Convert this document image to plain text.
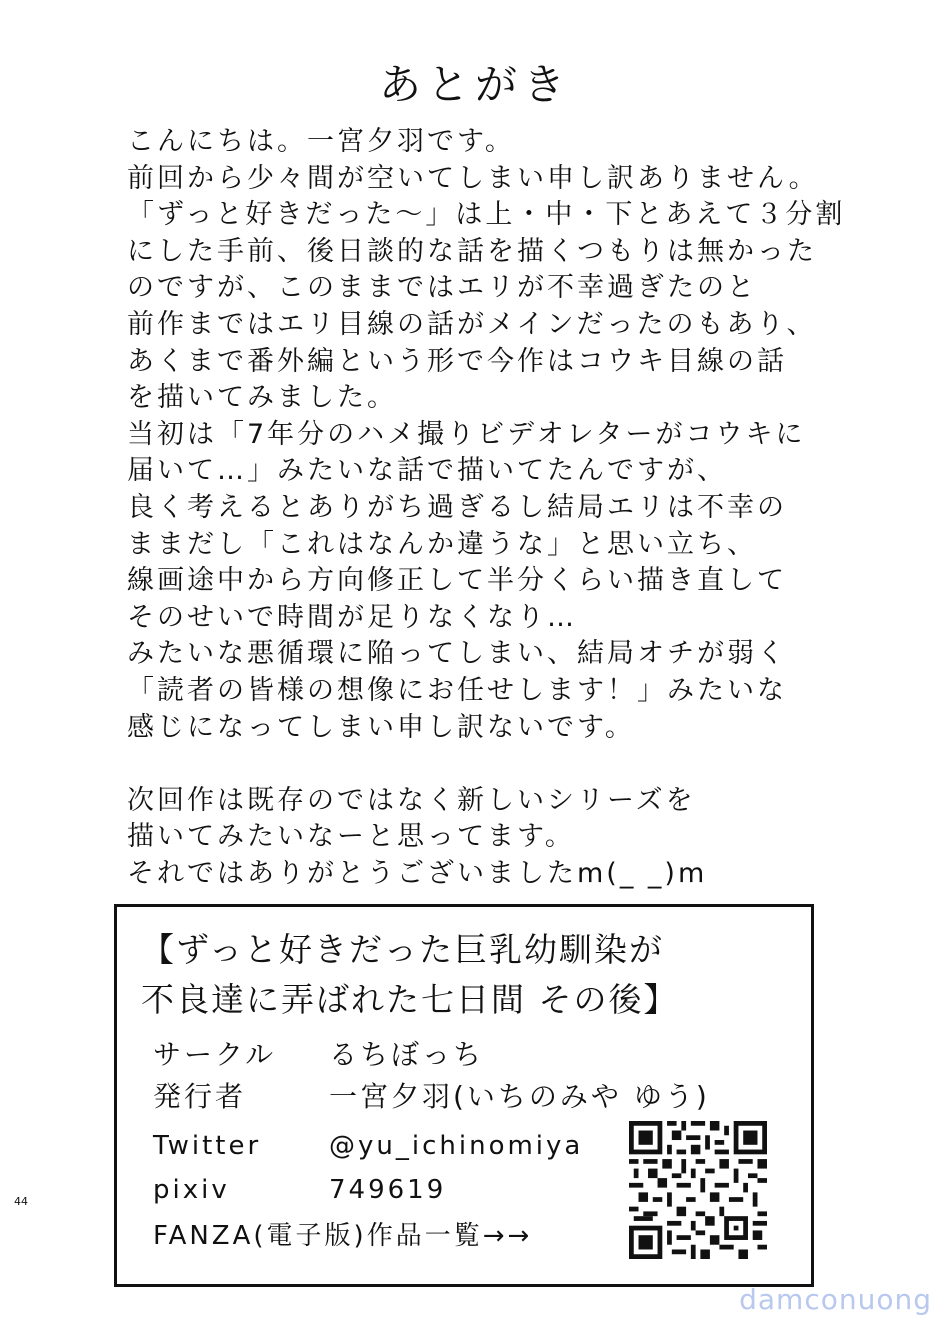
あとがき
こんにちは。一宮夕羽です。
前回から少々間が空いてしまい申し訳ありません。
「ずっと好きだった～」は上・中・下とあえて３分割
にした手前、後日談的な話を描くつもりは無かった
のですが、このままではエリが不幸過ぎたのと
前作まではエリ目線の話がメインだったのもあり、
あくまで番外編という形で今作はコウキ目線の話
を描いてみました。
当初は「7年分のハメ撮りビデオレターがコウキに
届いて…」みたいな話で描いてたんですが、
良く考えるとありがち過ぎるし結局エリは不幸の
ままだし「これはなんか違うな」と思い立ち、
線画途中から方向修正して半分くらい描き直して
そのせいで時間が足りなくなり…
みたいな悪循環に陥ってしまい、結局オチが弱く
「読者の皆様の想像にお任せします！」みたいな
感じになってしまい申し訳ないです。
次回作は既存のではなく新しいシリーズを
描いてみたいなーと思ってます。
それではありがとうございましたm(_ _)m
【ずっと好きだった巨乳幼馴染が
不良達に弄ばれた七日間 その後】
サークル るちぼっち
発行者	一宮夕羽(いちのみや ゆう)
Twitter	@yu_ichinomiya
pixiv	749619
FANZA(電子版)作品一覧→→
44
damconuong
